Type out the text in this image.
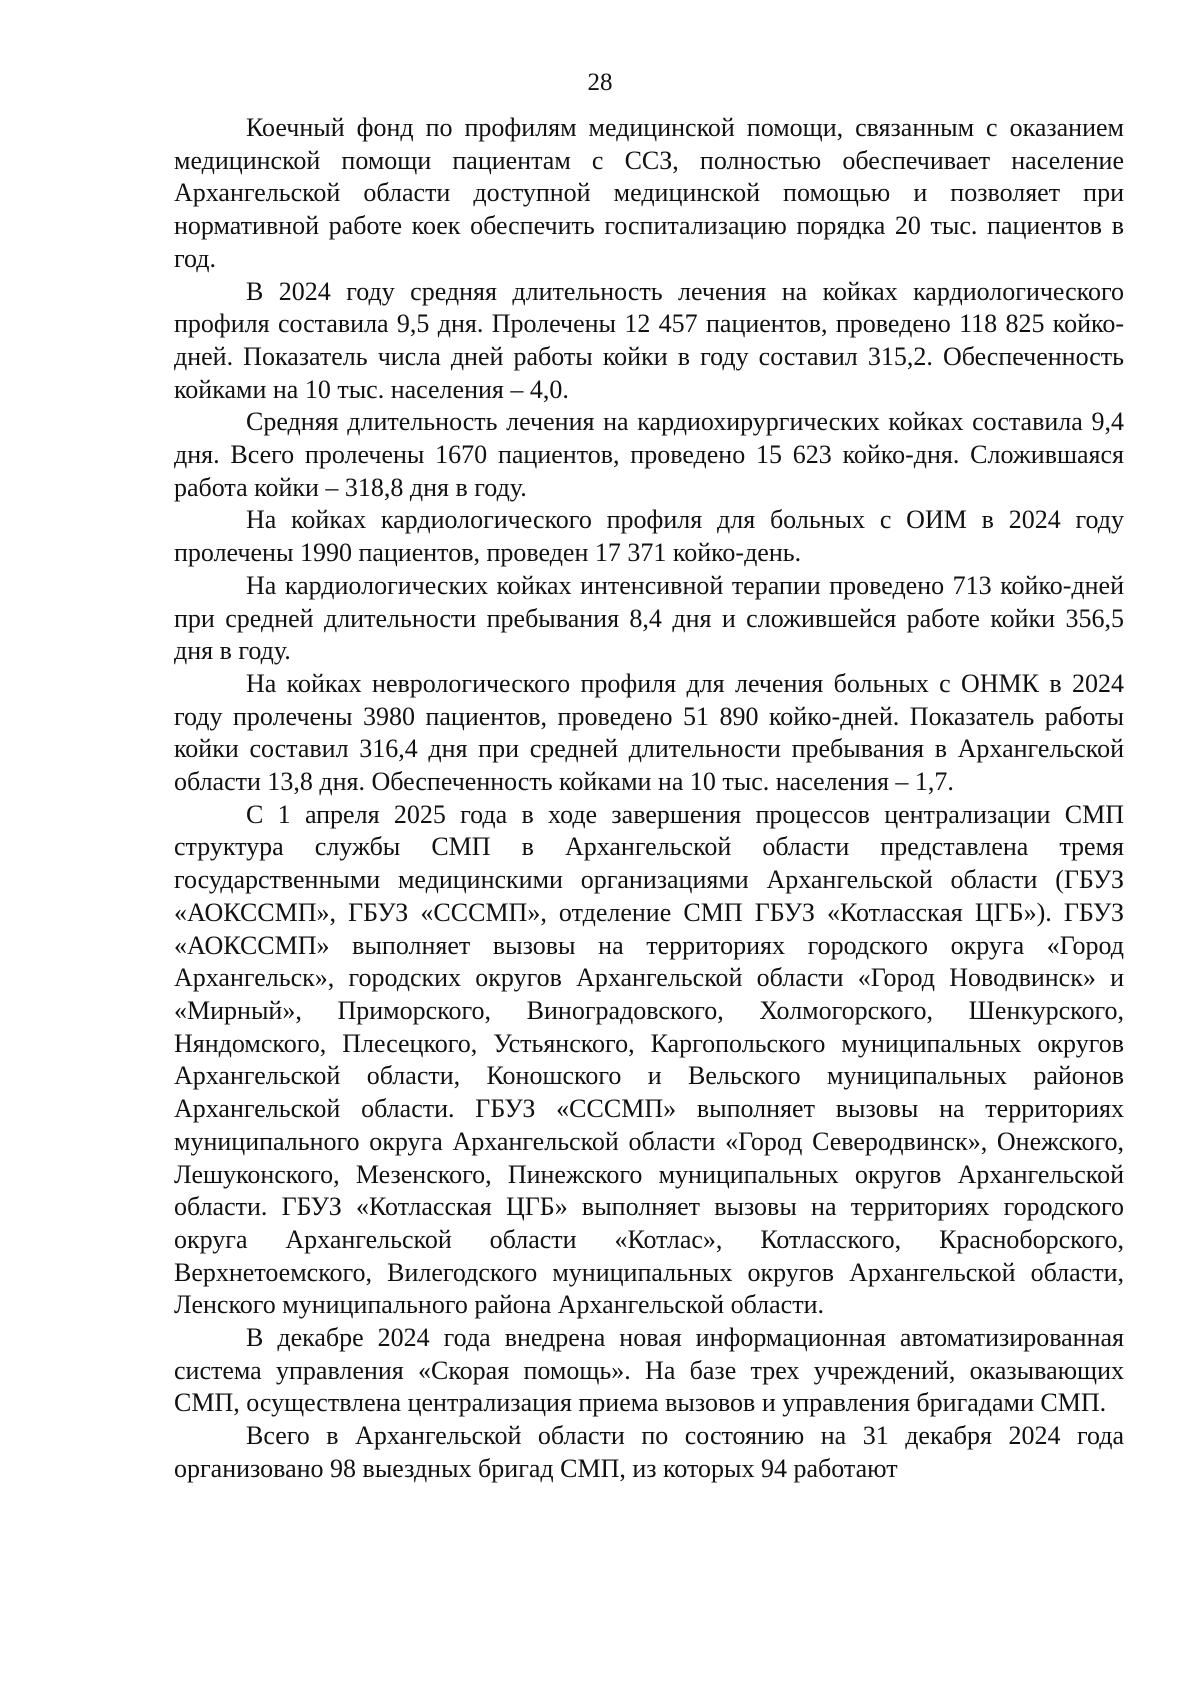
28

Коечный фонд по профилям медицинской помощи, связанным с оказанием медицинской помощи пациентам с ССЗ, полностью обеспечивает население Архангельской области доступной медицинской помощью и позволяет при нормативной работе коек обеспечить госпитализацию порядка 20 тыс. пациентов в год.

В 2024 году средняя длительность лечения на койках кардиологического профиля составила 9,5 дня. Пролечены 12 457 пациентов, проведено 118 825 койко-дней. Показатель числа дней работы койки в году составил 315,2. Обеспеченность койками на 10 тыс. населения – 4,0.

Средняя длительность лечения на кардиохирургических койках составила 9,4 дня. Всего пролечены 1670 пациентов, проведено 15 623 койко-дня. Сложившаяся работа койки – 318,8 дня в году.

На койках кардиологического профиля для больных с ОИМ в 2024 году пролечены 1990 пациентов, проведен 17 371 койко-день.

На кардиологических койках интенсивной терапии проведено 713 койко-дней при средней длительности пребывания 8,4 дня и сложившейся работе койки 356,5 дня в году.

На койках неврологического профиля для лечения больных с ОНМК в 2024 году пролечены 3980 пациентов, проведено 51 890 койко-дней. Показатель работы койки составил 316,4 дня при средней длительности пребывания в Архангельской области 13,8 дня. Обеспеченность койками на 10 тыс. населения – 1,7.

С 1 апреля 2025 года в ходе завершения процессов централизации СМП структура службы СМП в Архангельской области представлена тремя государственными медицинскими организациями Архангельской области (ГБУЗ «АОКССМП», ГБУЗ «СССМП», отделение СМП ГБУЗ «Котласская ЦГБ»). ГБУЗ «АОКССМП» выполняет вызовы на территориях городского округа «Город Архангельск», городских округов Архангельской области «Город Новодвинск» и «Мирный», Приморского, Виноградовского, Холмогорского, Шенкурского, Няндомского, Плесецкого, Устьянского, Каргопольского муниципальных округов Архангельской области, Коношского и Вельского муниципальных районов Архангельской области. ГБУЗ «СССМП» выполняет вызовы на территориях муниципального округа Архангельской области «Город Северодвинск», Онежского, Лешуконского, Мезенского, Пинежского муниципальных округов Архангельской области. ГБУЗ «Котласская ЦГБ» выполняет вызовы на территориях городского округа Архангельской области «Котлас», Котласского, Красноборского, Верхнетоемского, Вилегодского муниципальных округов Архангельской области, Ленского муниципального района Архангельской области.

В декабре 2024 года внедрена новая информационная автоматизированная система управления «Скорая помощь». На базе трех учреждений, оказывающих СМП, осуществлена централизация приема вызовов и управления бригадами СМП.

Всего в Архангельской области по состоянию на 31 декабря 2024 года организовано 98 выездных бригад СМП, из которых 94 работают
